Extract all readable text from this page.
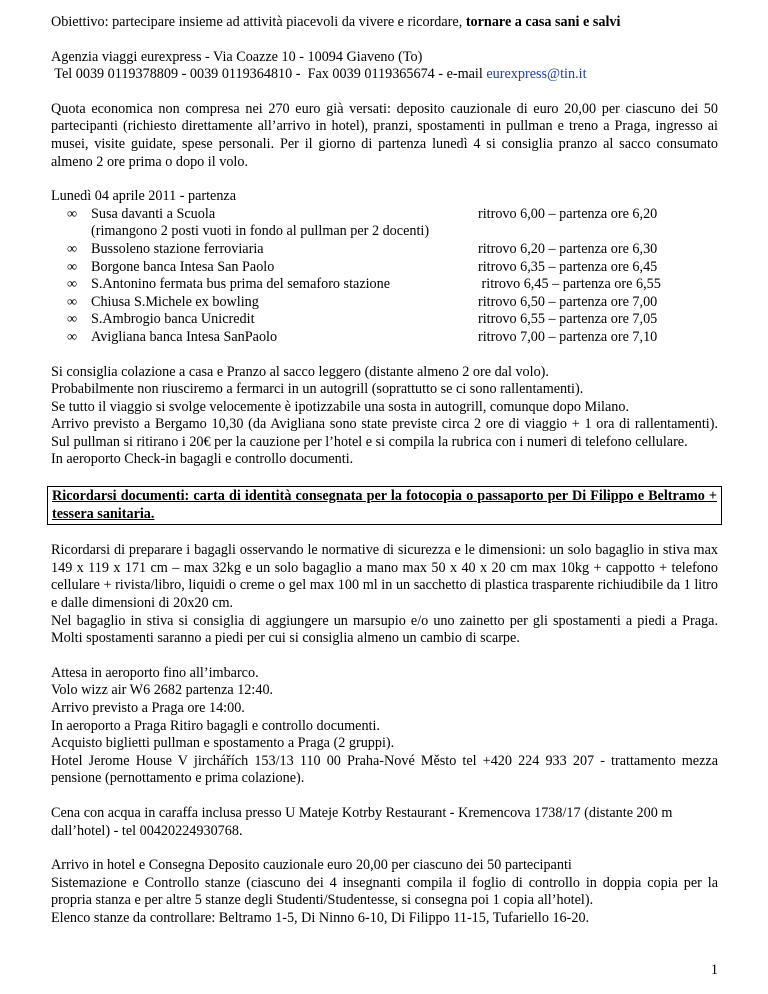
Obiettivo: partecipare insieme ad attività piacevoli da vivere e ricordare, tornare a casa sani e salvi

Agenzia viaggi eurexpress - Via Coazze 10 - 10094 Giaveno (To)

Tel 0039 0119378809 - 0039 0119364810 -  Fax 0039 0119365674 - e-mail eurexpress@tin.it

Quota economica non compresa nei 270 euro già versati: deposito cauzionale di euro 20,00 per ciascuno dei 50 partecipanti (richiesto direttamente all’arrivo in hotel), pranzi, spostamenti in pullman e treno a Praga, ingresso ai musei, visite guidate, spese personali. Per il giorno di partenza lunedì 4 si consiglia pranzo al sacco consumato almeno 2 ore prima o dopo il volo.

Lunedì 04 aprile 2011 - partenza

∞ Susa davanti a Scuola	ritrovo 6,00 – partenza ore 6,20
(rimangono 2 posti vuoti in fondo al pullman per 2 docenti)
∞ Bussoleno stazione ferroviaria	ritrovo 6,20 – partenza ore 6,30
∞ Borgone banca Intesa San Paolo	ritrovo 6,35 – partenza ore 6,45
∞ S.Antonino fermata bus prima del semaforo stazione	ritrovo 6,45 – partenza ore 6,55
∞ Chiusa S.Michele ex bowling	ritrovo 6,50 – partenza ore 7,00
∞ S.Ambrogio banca Unicredit	ritrovo 6,55 – partenza ore 7,05
∞ Avigliana banca Intesa SanPaolo	ritrovo 7,00 – partenza ore 7,10

Si consiglia colazione a casa e Pranzo al sacco leggero (distante almeno 2 ore dal volo).

Probabilmente non riusciremo a fermarci in un autogrill (soprattutto se ci sono rallentamenti).

Se tutto il viaggio si svolge velocemente è ipotizzabile una sosta in autogrill, comunque dopo Milano.

Arrivo previsto a Bergamo 10,30 (da Avigliana sono state previste circa 2 ore di viaggio + 1 ora di rallentamenti). Sul pullman si ritirano i 20€ per la cauzione per l’hotel e si compila la rubrica con i numeri di telefono cellulare.

In aeroporto Check-in bagagli e controllo documenti.

Ricordarsi documenti: carta di identità consegnata per la fotocopia o passaporto per Di Filippo e Beltramo + tessera sanitaria.

Ricordarsi di preparare i bagagli osservando le normative di sicurezza e le dimensioni: un solo bagaglio in stiva max 149 x 119 x 171 cm – max 32kg e un solo bagaglio a mano max 50 x 40 x 20 cm max 10kg + cappotto + telefono cellulare + rivista/libro, liquidi o creme o gel max 100 ml in un sacchetto di plastica trasparente richiudibile da 1 litro e dalle dimensioni di 20x20 cm.

Nel bagaglio in stiva si consiglia di aggiungere un marsupio e/o uno zainetto per gli spostamenti a piedi a Praga. Molti spostamenti saranno a piedi per cui si consiglia almeno un cambio di scarpe.

Attesa in aeroporto fino all’imbarco.

Volo wizz air W6 2682 partenza 12:40.

Arrivo previsto a Praga ore 14:00.

In aeroporto a Praga Ritiro bagagli e controllo documenti.

Acquisto biglietti pullman e spostamento a Praga (2 gruppi).

Hotel Jerome House V jirchářích 153/13 110 00 Praha-Nové Město tel +420 224 933 207 - trattamento mezza pensione (pernottamento e prima colazione).

Cena con acqua in caraffa inclusa presso U Mateje Kotrby Restaurant - Kremencova 1738/17 (distante 200 m dall’hotel) - tel 00420224930768.

Arrivo in hotel e Consegna Deposito cauzionale euro 20,00 per ciascuno dei 50 partecipanti

Sistemazione e Controllo stanze (ciascuno dei 4 insegnanti compila il foglio di controllo in doppia copia per la propria stanza e per altre 5 stanze degli Studenti/Studentesse, si consegna poi 1 copia all’hotel).

Elenco stanze da controllare: Beltramo 1-5, Di Ninno 6-10, Di Filippo 11-15, Tufariello 16-20.

1
